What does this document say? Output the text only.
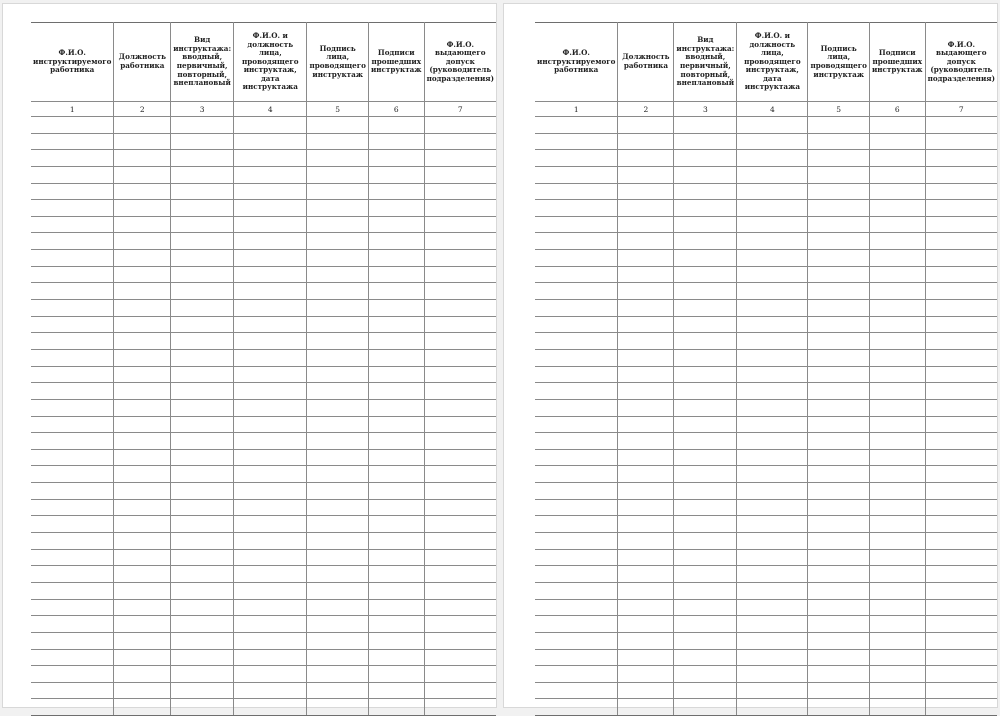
Ф.И.О. инструктируемого работника	Должность работника	Вид инструктажа: вводный, первичный, повторный, внеплановый	Ф.И.О. и должность лица, проводящего инструктаж, дата инструктажа	Подпись лица, проводящего инструктаж	Подписи прошедших инструктаж	Ф.И.О. выдающего допуск (руководитель подразделения)
1	2	3	4	5	6	7

Ф.И.О. инструктируемого работника	Должность работника	Вид инструктажа: вводный, первичный, повторный, внеплановый	Ф.И.О. и должность лица, проводящего инструктаж, дата инструктажа	Подпись лица, проводящего инструктаж	Подписи прошедших инструктаж	Ф.И.О. выдающего допуск (руководитель подразделения)
1	2	3	4	5	6	7
